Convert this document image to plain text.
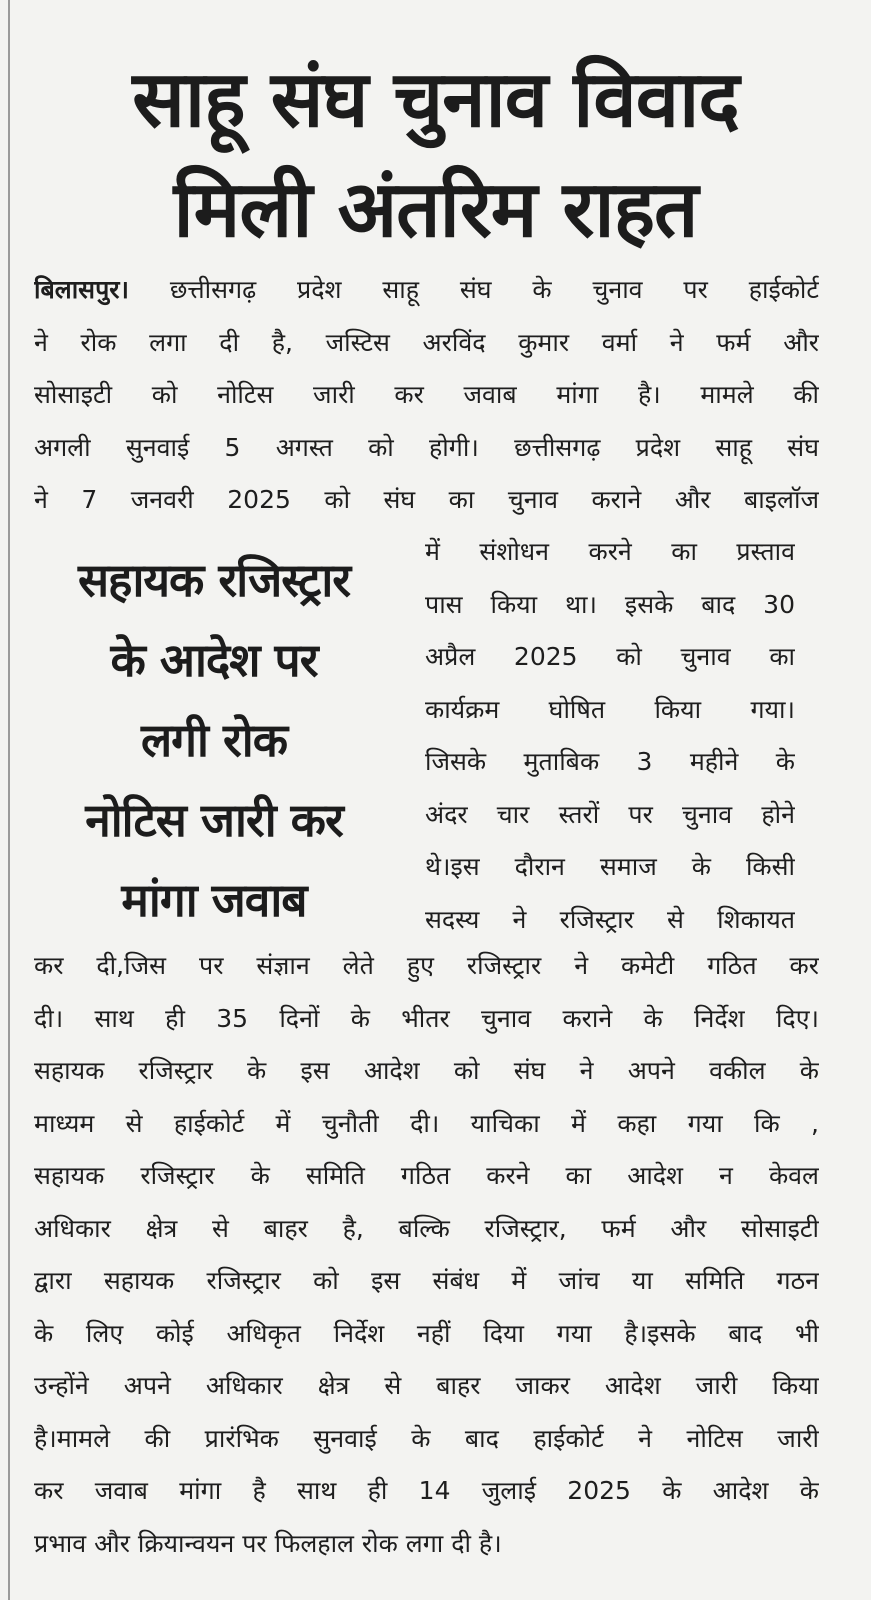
साहू संघ चुनाव विवाद
मिली अंतरिम राहत
बिलासपुर। छत्तीसगढ़ प्रदेश साहू संघ के चुनाव पर हाईकोर्ट
ने रोक लगा दी है, जस्टिस अरविंद कुमार वर्मा ने फर्म और
सोसाइटी को नोटिस जारी कर जवाब मांगा है। मामले की
अगली सुनवाई 5 अगस्त को होगी। छत्तीसगढ़ प्रदेश साहू संघ
ने 7 जनवरी 2025 को संघ का चुनाव कराने और बाइलॉज
सहायक रजिस्ट्रार
के आदेश पर
लगी रोक
नोटिस जारी कर
मांगा जवाब
में संशोधन करने का प्रस्ताव
पास किया था। इसके बाद 30
अप्रैल 2025 को चुनाव का
कार्यक्रम घोषित किया गया।
जिसके मुताबिक 3 महीने के
अंदर चार स्तरों पर चुनाव होने
थे।इस दौरान समाज के किसी
सदस्य ने रजिस्ट्रार से शिकायत
कर दी,जिस पर संज्ञान लेते हुए रजिस्ट्रार ने कमेटी गठित कर
दी। साथ ही 35 दिनों के भीतर चुनाव कराने के निर्देश दिए।
सहायक रजिस्ट्रार के इस आदेश को संघ ने अपने वकील के
माध्यम से हाईकोर्ट में चुनौती दी। याचिका में कहा गया कि ,
सहायक रजिस्ट्रार के समिति गठित करने का आदेश न केवल
अधिकार क्षेत्र से बाहर है, बल्कि रजिस्ट्रार, फर्म और सोसाइटी
द्वारा सहायक रजिस्ट्रार को इस संबंध में जांच या समिति गठन
के लिए कोई अधिकृत निर्देश नहीं दिया गया है।इसके बाद भी
उन्होंने अपने अधिकार क्षेत्र से बाहर जाकर आदेश जारी किया
है।मामले की प्रारंभिक सुनवाई के बाद हाईकोर्ट ने नोटिस जारी
कर जवाब मांगा है साथ ही 14 जुलाई 2025 के आदेश के
प्रभाव और क्रियान्वयन पर फिलहाल रोक लगा दी है।
